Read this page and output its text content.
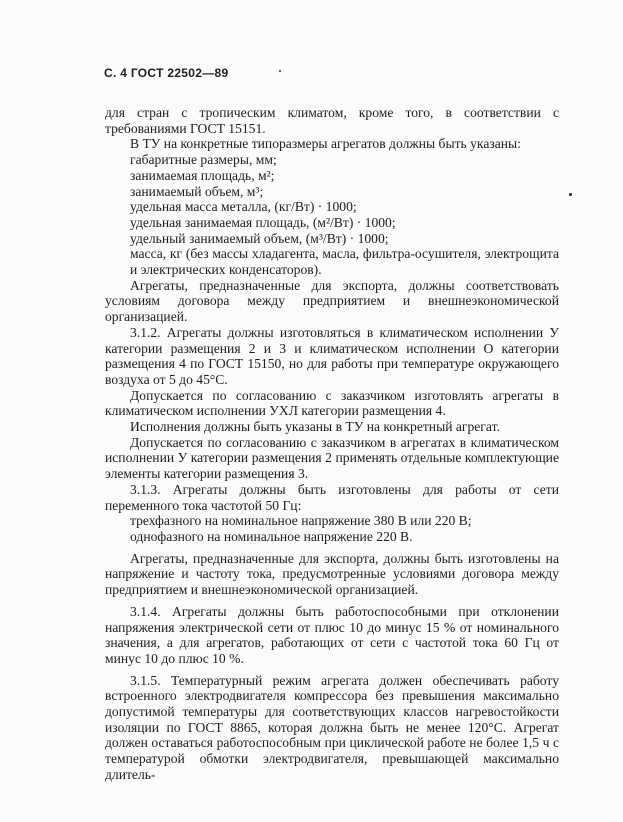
С. 4 ГОСТ 22502—89

для стран с тропическим климатом, кроме того, в соответствии с требованиями ГОСТ 15151.

В ТУ на конкретные типоразмеры агрегатов должны быть указаны:

габаритные размеры, мм;

занимаемая площадь, м²;

занимаемый объем, м³;

удельная масса металла, (кг/Вт) · 1000;

удельная занимаемая площадь, (м²/Вт) · 1000;

удельный занимаемый объем, (м³/Вт) · 1000;

масса, кг (без массы хладагента, масла, фильтра-осушителя, электрощита и электрических конденсаторов).

Агрегаты, предназначенные для экспорта, должны соответствовать условиям договора между предприятием и внешнеэкономической организацией.

3.1.2. Агрегаты должны изготовляться в климатическом исполнении У категории размещения 2 и 3 и климатическом исполнении О категории размещения 4 по ГОСТ 15150, но для работы при температуре окружающего воздуха от 5 до 45°С.

Допускается по согласованию с заказчиком изготовлять агрегаты в климатическом исполнении УХЛ категории размещения 4.

Исполнения должны быть указаны в ТУ на конкретный агрегат.

Допускается по согласованию с заказчиком в агрегатах в климатическом исполнении У категории размещения 2 применять отдельные комплектующие элементы категории размещения 3.

3.1.3. Агрегаты должны быть изготовлены для работы от сети переменного тока частотой 50 Гц:

трехфазного на номинальное напряжение 380 В или 220 В;

однофазного на номинальное напряжение 220 В.

Агрегаты, предназначенные для экспорта, должны быть изготовлены на напряжение и частоту тока, предусмотренные условиями договора между предприятием и внешнеэкономической организацией.

3.1.4. Агрегаты должны быть работоспособными при отклонении напряжения электрической сети от плюс 10 до минус 15 % от номинального значения, а для агрегатов, работающих от сети с частотой тока 60 Гц от минус 10 до плюс 10 %.

3.1.5. Температурный режим агрегата должен обеспечивать работу встроенного электродвигателя компрессора без превышения максимально допустимой температуры для соответствующих классов нагревостойкости изоляции по ГОСТ 8865, которая должна быть не менее 120°С. Агрегат должен оставаться работоспособным при циклической работе не более 1,5 ч с температурой обмотки электродвигателя, превышающей максимально длитель-
